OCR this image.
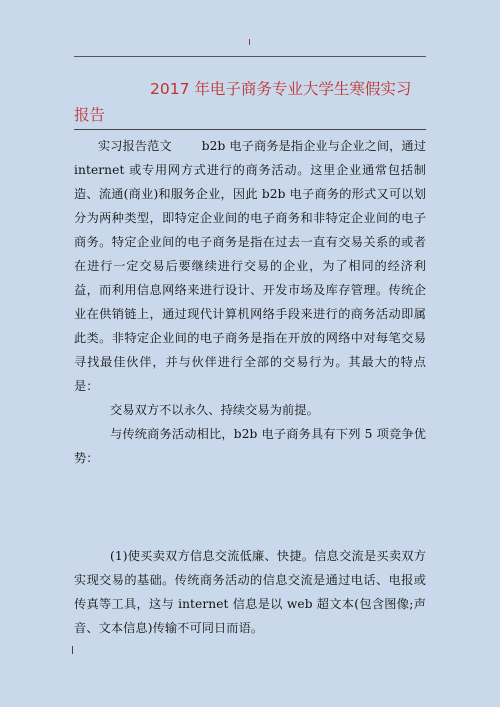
2017 年电子商务专业大学生寒假实习报告

实习报告范文 b2b 电子商务是指企业与企业之间，通过 internet 或专用网方式进行的商务活动。这里企业通常包括制造、流通(商业)和服务企业，因此 b2b 电子商务的形式又可以划分为两种类型，即特定企业间的电子商务和非特定企业间的电子商务。特定企业间的电子商务是指在过去一直有交易关系的或者在进行一定交易后要继续进行交易的企业，为了相同的经济利益，而利用信息网络来进行设计、开发市场及库存管理。传统企业在供销链上，通过现代计算机网络手段来进行的商务活动即属此类。非特定企业间的电子商务是指在开放的网络中对每笔交易寻找最佳伙伴，并与伙伴进行全部的交易行为。其最大的特点是：

交易双方不以永久、持续交易为前提。

与传统商务活动相比，b2b 电子商务具有下列 5 项竞争优势：

(1)使买卖双方信息交流低廉、快捷。信息交流是买卖双方实现交易的基础。传统商务活动的信息交流是通过电话、电报或传真等工具，这与 internet 信息是以 web 超文本(包含图像;声音、文本信息)传输不可同日而语。
